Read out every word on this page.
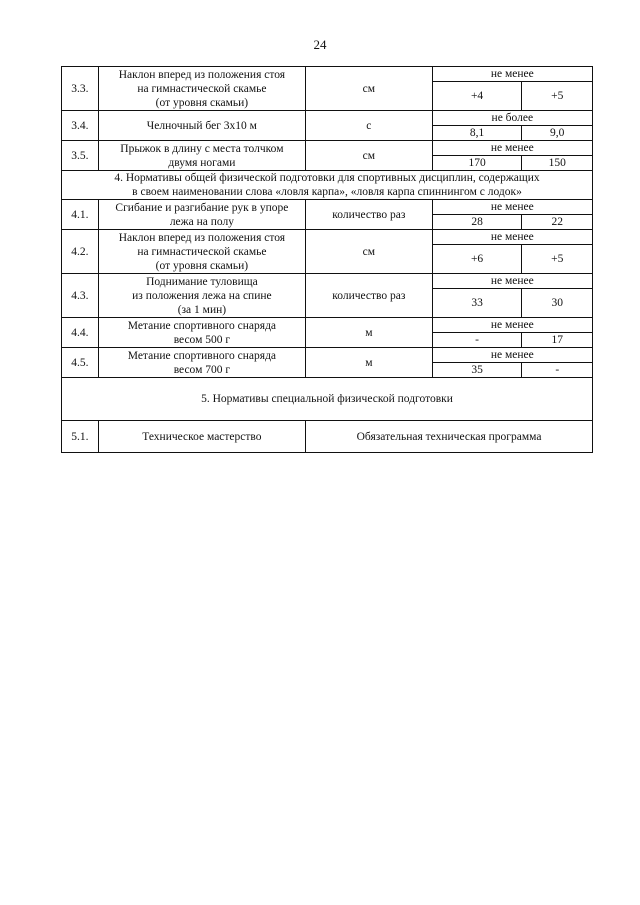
24
3.3.	Наклон вперед из положения стоя
на гимнастической скамье
(от уровня скамьи)	см	не менее	
			+4	+5
3.4.	Челночный бег 3х10 м	с	не более	
			8,1	9,0
3.5.	Прыжок в длину с места толчком
двумя ногами	см	не менее	
			170	150
4. Нормативы общей физической подготовки для спортивных дисциплин, содержащих
в своем наименовании слова «ловля карпа», «ловля карпа спиннингом с лодок»				
4.1.	Сгибание и разгибание рук в упоре
лежа на полу	количество раз	не менее	
			28	22
4.2.	Наклон вперед из положения стоя
на гимнастической скамье
(от уровня скамьи)	см	не менее	
			+6	+5
4.3.	Поднимание туловища
из положения лежа на спине
(за 1 мин)	количество раз	не менее	
			33	30
4.4.	Метание спортивного снаряда
весом 500 г	м	не менее	
			-	17
4.5.	Метание спортивного снаряда
весом 700 г	м	не менее	
			35	-
5. Нормативы специальной физической подготовки				
5.1.	Техническое мастерство	Обязательная техническая программа		
